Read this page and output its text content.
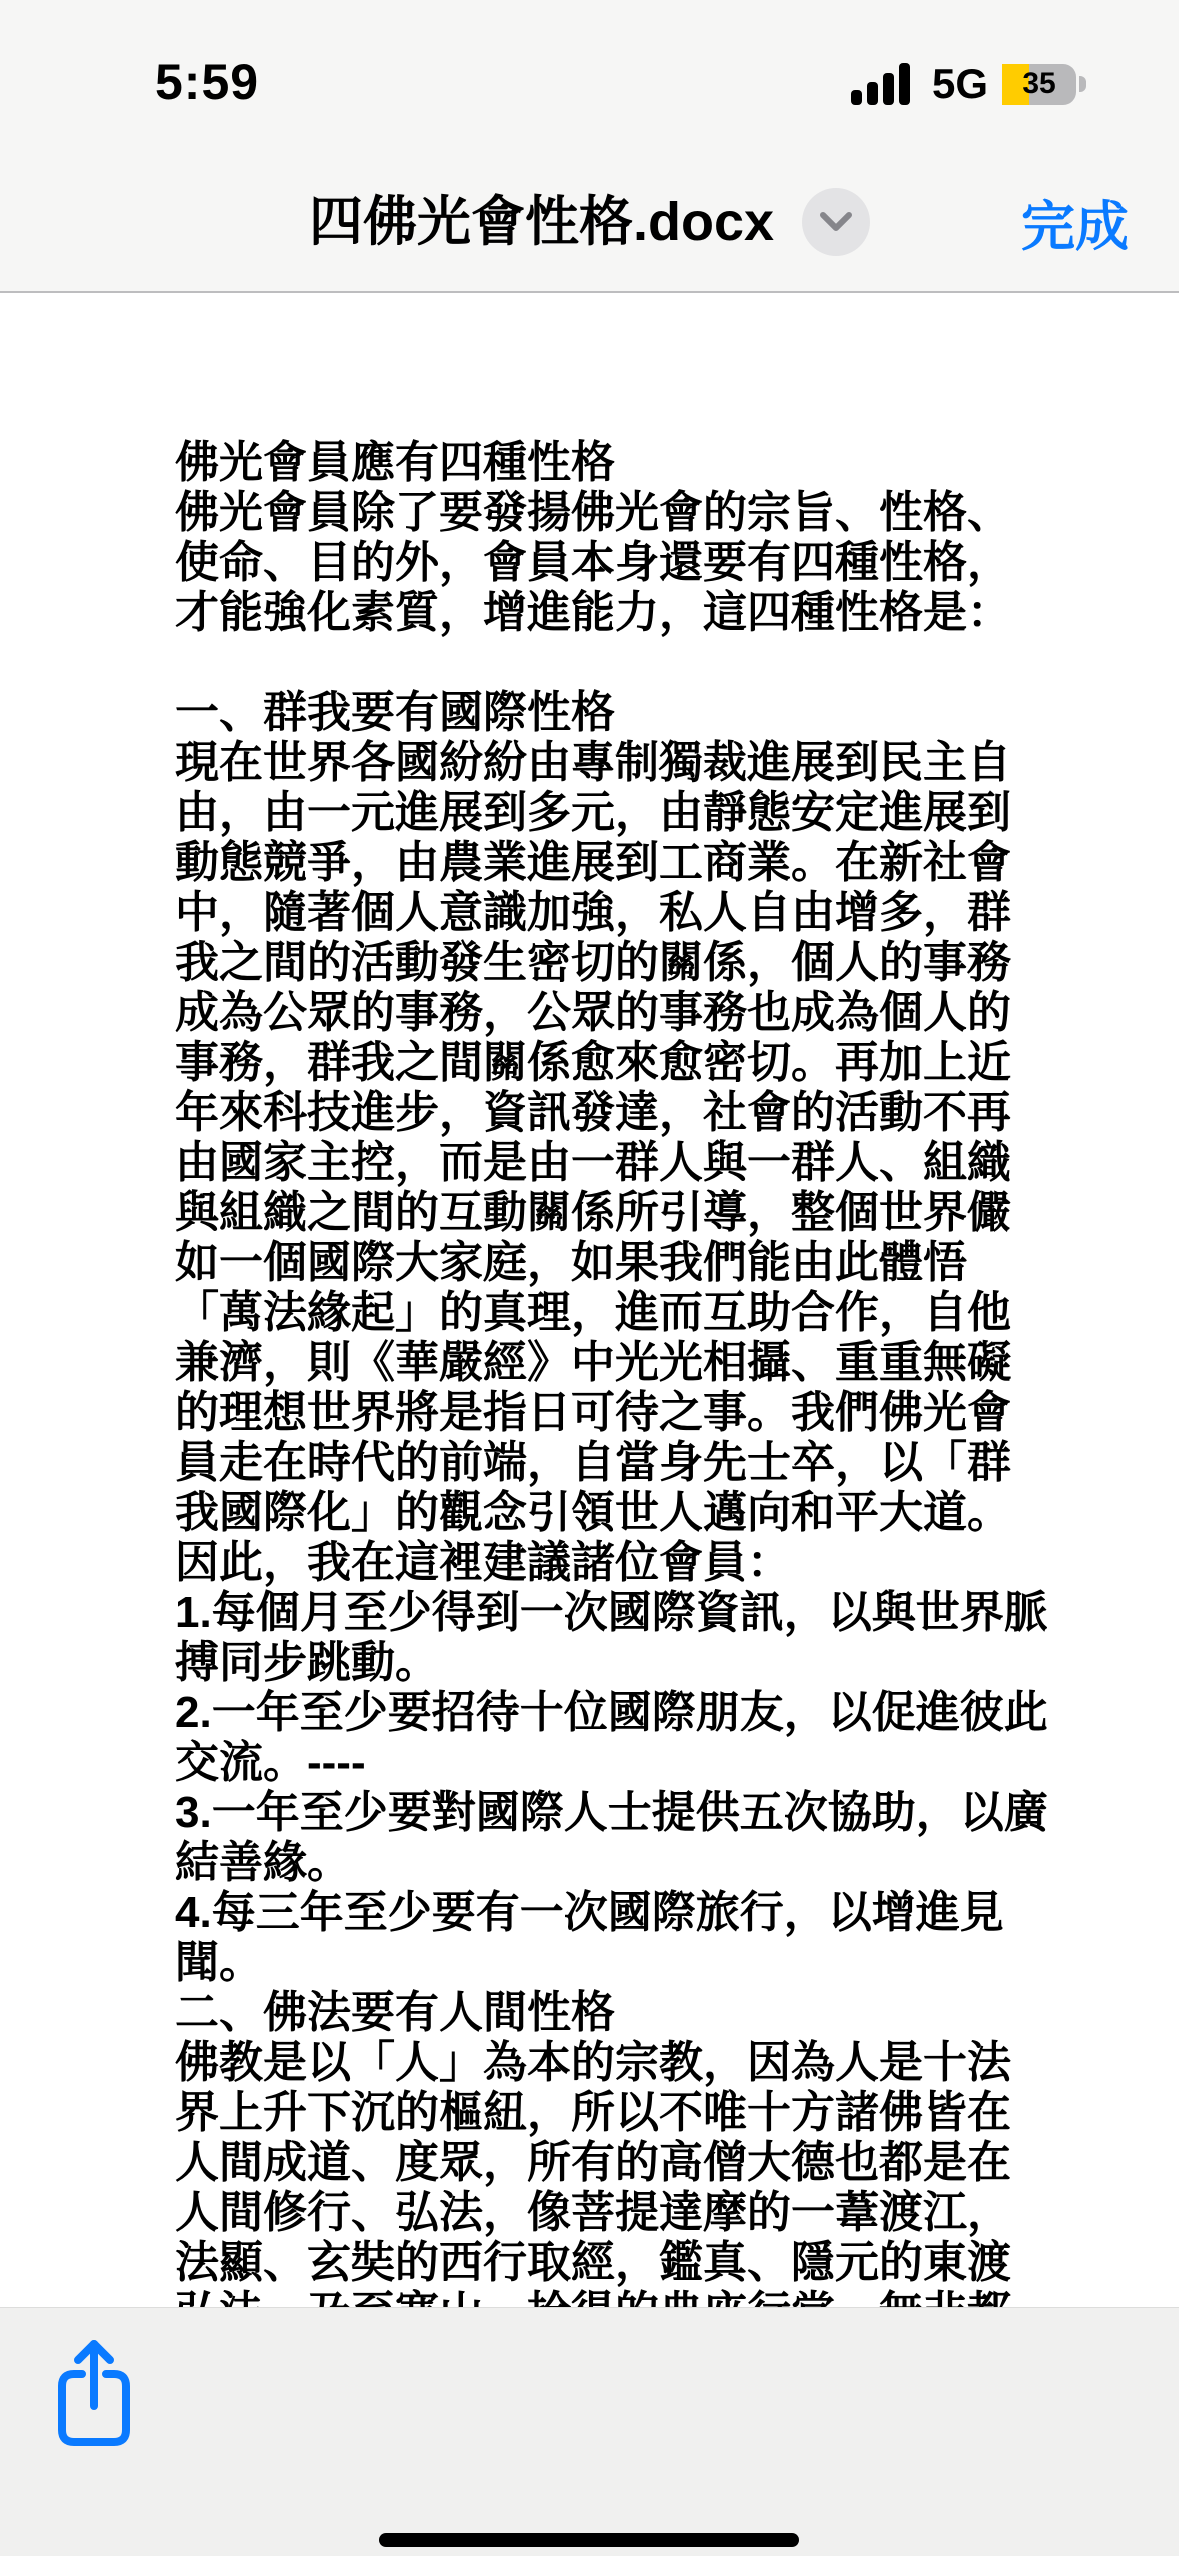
5:59	5G	35
四佛光會性格.docx	完成
佛光會員應有四種性格
佛光會員除了要發揚佛光會的宗旨、性格、
使命、目的外，會員本身還要有四種性格，
才能強化素質，增進能力，這四種性格是：

一、群我要有國際性格
現在世界各國紛紛由專制獨裁進展到民主自
由，由一元進展到多元，由靜態安定進展到
動態競爭，由農業進展到工商業。在新社會
中，隨著個人意識加強，私人自由增多，群
我之間的活動發生密切的關係，個人的事務
成為公眾的事務，公眾的事務也成為個人的
事務，群我之間關係愈來愈密切。再加上近
年來科技進步，資訊發達，社會的活動不再
由國家主控，而是由一群人與一群人、組織
與組織之間的互動關係所引導，整個世界儼
如一個國際大家庭，如果我們能由此體悟
「萬法緣起」的真理，進而互助合作，自他
兼濟，則《華嚴經》中光光相攝、重重無礙
的理想世界將是指日可待之事。我們佛光會
員走在時代的前端，自當身先士卒，以「群
我國際化」的觀念引領世人邁向和平大道。
因此，我在這裡建議諸位會員：
1.每個月至少得到一次國際資訊，以與世界脈
搏同步跳動。
2.一年至少要招待十位國際朋友，以促進彼此
交流。----
3.一年至少要對國際人士提供五次協助，以廣
結善緣。
4.每三年至少要有一次國際旅行，以增進見
聞。
二、佛法要有人間性格
佛教是以「人」為本的宗教，因為人是十法
界上升下沉的樞紐，所以不唯十方諸佛皆在
人間成道、度眾，所有的高僧大德也都是在
人間修行、弘法，像菩提達摩的一葦渡江，
法顯、玄奘的西行取經，鑑真、隱元的東渡
